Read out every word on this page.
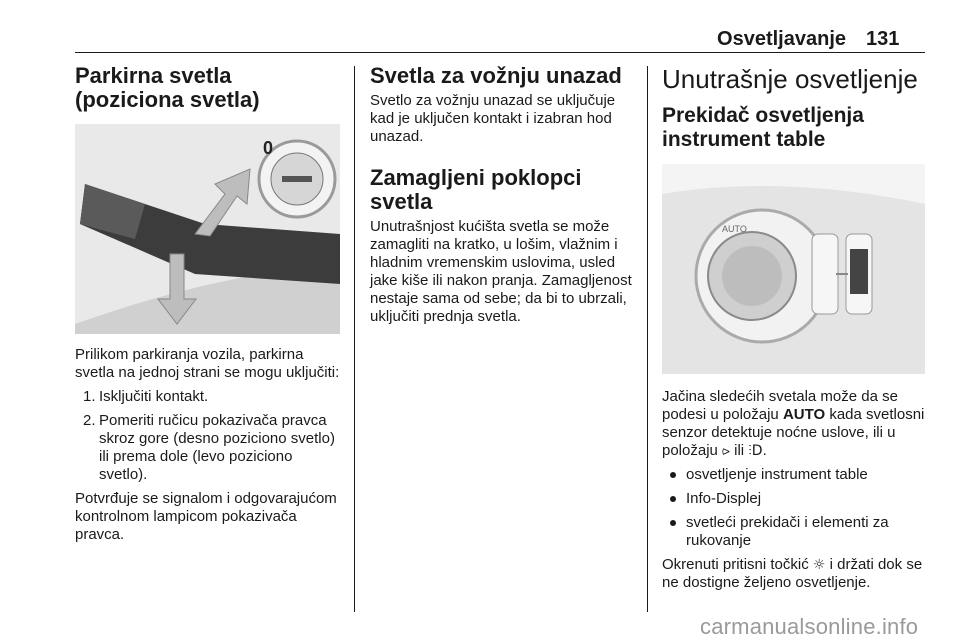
Osvetljavanje 131
Parkirna svetla (poziciona svetla)
0

Prilikom parkiranja vozila, parkirna svetla na jednoj strani se mogu uključiti:

1. Isključiti kontakt.
2. Pomeriti ručicu pokazivača pravca skroz gore (desno poziciono svetlo) ili prema dole (levo poziciono svetlo).

Potvrđuje se signalom i odgovarajućom kontrolnom lampicom pokazivača pravca.

Svetla za vožnju unazad

Svetlo za vožnju unazad se uključuje kad je uključen kontakt i izabran hod unazad.

Zamagljeni poklopci svetla

Unutrašnjost kućišta svetla se može zamagliti na kratko, u lošim, vlažnim i hladnim vremenskim uslovima, usled jake kiše ili nakon pranja. Zamagljenost nestaje sama od sebe; da bi to ubrzali, uključiti prednja svetla.

Unutrašnje osvetljenje
Prekidač osvetljenja instrument table
AUTO

Jačina sledećih svetala može da se podesi u položaju AUTO kada svetlosni senzor detektuje noćne uslove, ili u položaju ⪧ ili ⫶D.

osvetljenje instrument table
Info-Displej
svetleći prekidači i elementi za rukovanje

Okrenuti pritisni točkić ☼ i držati dok se ne dostigne željeno osvetljenje.

carmanualsonline.info
